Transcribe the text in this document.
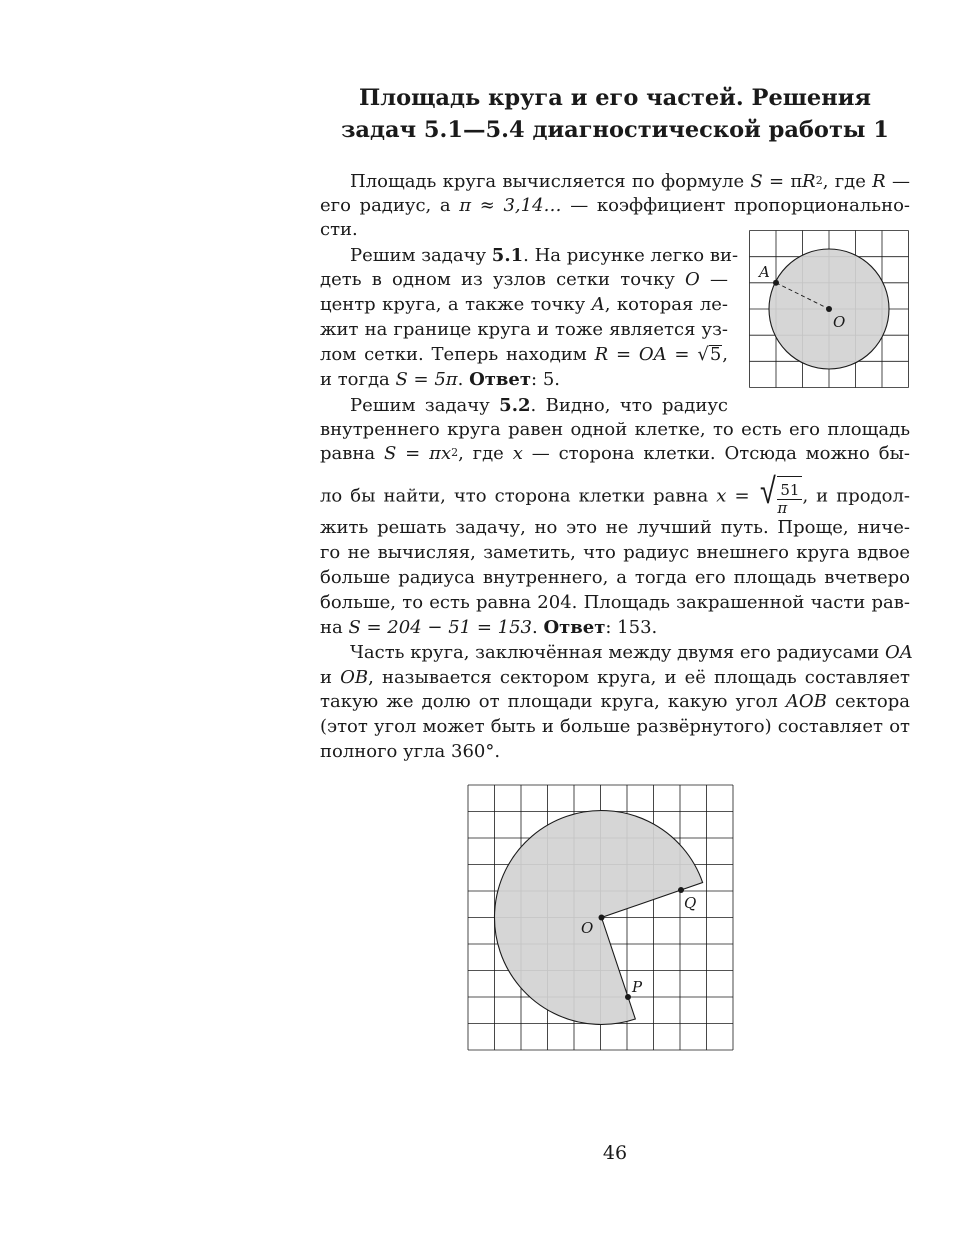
Площадь круга и его частей. Решения
задач 5.1—5.4 диагностической работы 1

Площадь круга вычисляется по формуле $S = \pi R^2$, где R —

его радиус, а π ≈ 3,14… — коэффициент пропорционально-

сти.

Решим задачу 5.1. На рисунке легко ви-

деть в одном из узлов сетки точку O —

центр круга, а также точку A, которая ле-

жит на границе круга и тоже является уз-

лом сетки. Теперь находим R = OA = √5,

и тогда S = 5π. Ответ: 5.

Решим задачу 5.2. Видно, что радиус

внутреннего круга равен одной клетке, то есть его площадь

равна $S = \pi x^2$, где x — сторона клетки. Отсюда можно бы-

ло бы найти, что сторона клетки равна x = √ $\frac{51}{\pi}$ , и продол-

жить решать задачу, но это не лучший путь. Проще, ниче-

го не вычисляя, заметить, что радиус внешнего круга вдвое

больше радиуса внутреннего, а тогда его площадь вчетверо

больше, то есть равна 204. Площадь закрашенной части рав-

на S = 204 − 51 = 153. Ответ: 153.

Часть круга, заключённая между двумя его радиусами OA

и OB, называется сектором круга, и её площадь составляет

такую же долю от площади круга, какую угол AOB сектора

(этот угол может быть и больше развёрнутого) составляет от

полного угла 360°.

A
O
O
Q
P

46
